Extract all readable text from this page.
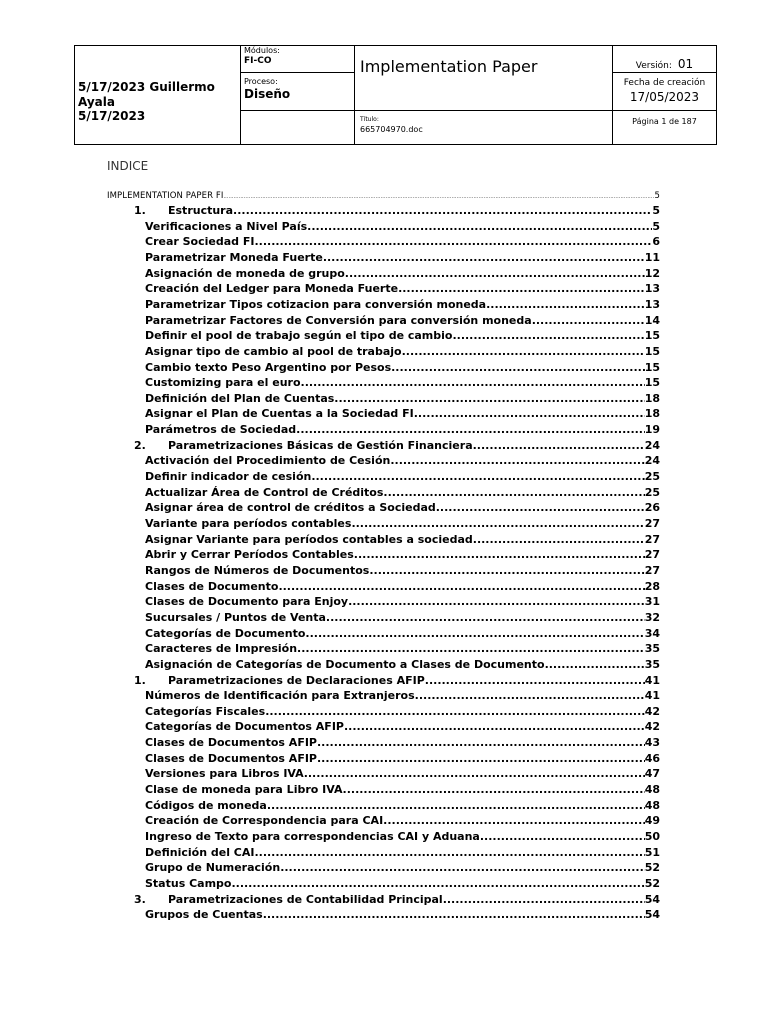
5/17/2023 Guillermo
Ayala
5/17/2023
Módulos:
FI-CO
Proceso:
Diseño
Implementation Paper
Título:
665704970.doc
Versión: 01
Fecha de creación
17/05/2023
Página 1 de 187
INDICE
IMPLEMENTATION PAPER FI .....	5
1. Estructura .....	5
Verificaciones a Nivel País .....	5
Crear Sociedad FI .....	6
Parametrizar Moneda Fuerte .....	11
Asignación de moneda de grupo .....	12
Creación del Ledger para Moneda Fuerte .....	13
Parametrizar Tipos cotizacion para conversión moneda .....	13
Parametrizar Factores de Conversión para conversión moneda .....	14
Definir el pool de trabajo según el tipo de cambio .....	15
Asignar tipo de cambio al pool de trabajo .....	15
Cambio texto Peso Argentino por Pesos .....	15
Customizing para el euro .....	15
Definición del Plan de Cuentas .....	18
Asignar el Plan de Cuentas a la Sociedad FI .....	18
Parámetros de Sociedad .....	19
2. Parametrizaciones Básicas de Gestión Financiera .....	24
Activación del Procedimiento de Cesión .....	24
Definir indicador de cesión .....	25
Actualizar Área de Control de Créditos .....	25
Asignar área de control de créditos a Sociedad .....	26
Variante para períodos contables .....	27
Asignar Variante para períodos contables a sociedad .....	27
Abrir y Cerrar Períodos Contables .....	27
Rangos de Números de Documentos .....	27
Clases de Documento .....	28
Clases de Documento para Enjoy .....	31
Sucursales / Puntos de Venta .....	32
Categorías de Documento .....	34
Caracteres de Impresión .....	35
Asignación de Categorías de Documento a Clases de Documento .....	35
1. Parametrizaciones de Declaraciones AFIP .....	41
Números de Identificación para Extranjeros .....	41
Categorías Fiscales .....	42
Categorías de Documentos AFIP .....	42
Clases de Documentos AFIP .....	43
Clases de Documentos AFIP .....	46
Versiones para Libros IVA .....	47
Clase de moneda para Libro IVA .....	48
Códigos de moneda .....	48
Creación de Correspondencia para CAI .....	49
Ingreso de Texto para correspondencias CAI y Aduana .....	50
Definición del CAI .....	51
Grupo de Numeración .....	52
Status Campo .....	52
3. Parametrizaciones de Contabilidad Principal .....	54
Grupos de Cuentas .....	54
